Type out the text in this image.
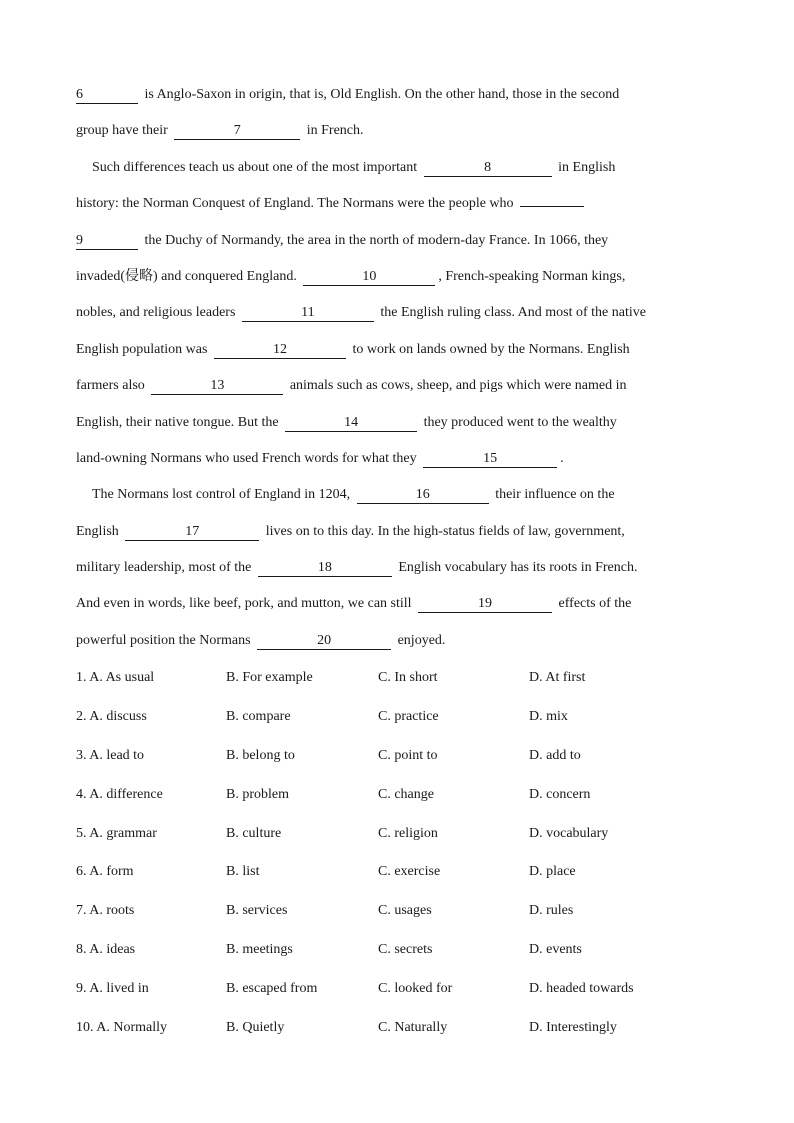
6	is Anglo-Saxon in origin, that is, Old English. On the other hand, those in the second
group have their	7	in French.
Such differences teach us about one of the most important	8	in English
history: the Norman Conquest of England. The Normans were the people who
9	the Duchy of Normandy, the area in the north of modern-day France. In 1066, they
invaded(侵略) and conquered England.	10	, French-speaking Norman kings,
nobles, and religious leaders	11	the English ruling class. And most of the native
English population was	12	to work on lands owned by the Normans. English
farmers also	13	animals such as cows, sheep, and pigs which were named in
English, their native tongue. But the	14	they produced went to the wealthy
land-owning Normans who used French words for what they	15	.
The Normans lost control of England in 1204,	16	their influence on the
English	17	lives on to this day. In the high-status fields of law, government,
military leadership, most of the	18	English vocabulary has its roots in French.
And even in words, like beef, pork, and mutton, we can still	19	effects of the
powerful position the Normans	20	enjoyed.
1. A. As usual	B. For example	C. In short	D. At first
2. A. discuss	B. compare	C. practice	D. mix
3. A. lead to	B. belong to	C. point to	D. add to
4. A. difference	B. problem	C. change	D. concern
5. A. grammar	B. culture	C. religion	D. vocabulary
6. A. form	B. list	C. exercise	D. place
7. A. roots	B. services	C. usages	D. rules
8. A. ideas	B. meetings	C. secrets	D. events
9. A. lived in	B. escaped from	C. looked for	D. headed towards
10. A. Normally	B. Quietly	C. Naturally	D. Interestingly
